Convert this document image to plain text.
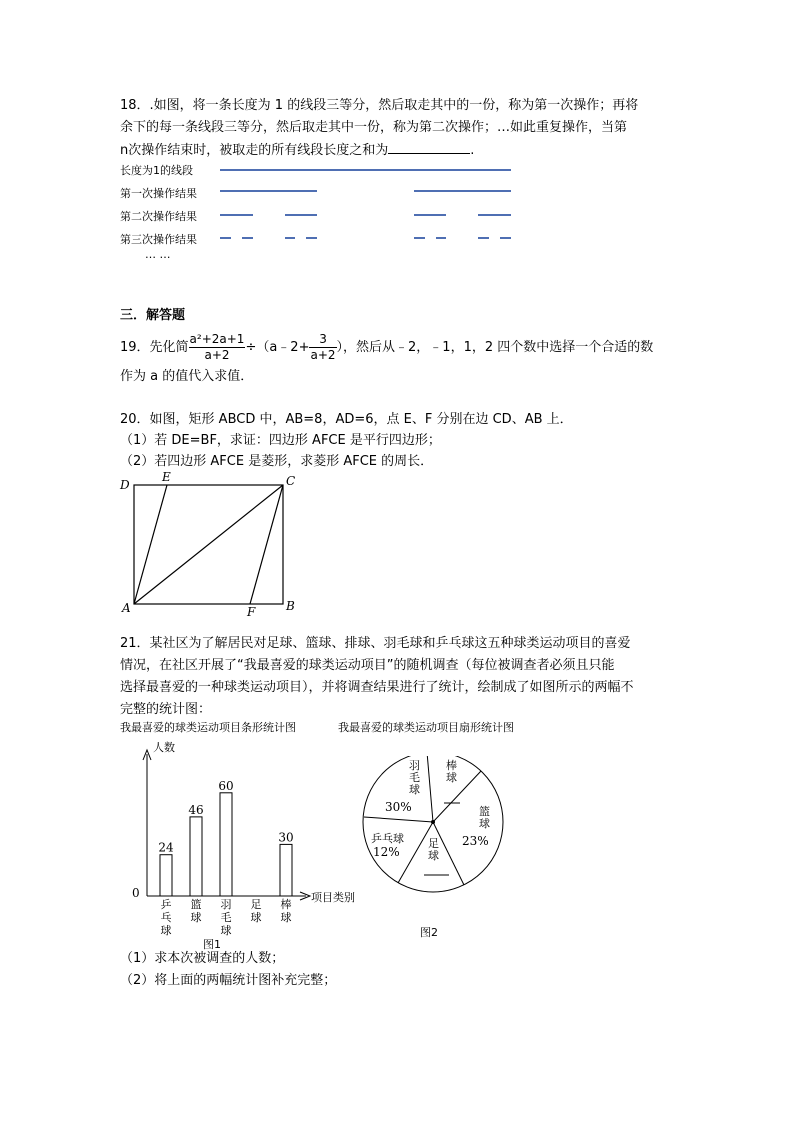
18．.如图，将一条长度为 1 的线段三等分，然后取走其中的一份，称为第一次操作；再将
余下的每一条线段三等分，然后取走其中一份，称为第二次操作；…如此重复操作，当第
n次操作结束时，被取走的所有线段长度之和为	.
长度为1的线段
第一次操作结果
第二次操作结果
第三次操作结果
… …
三．解答题
19．先化简 $\frac{\text{a²+2a+1}}{a+2}$ ÷（a﹣2+ $\frac{3}{a+2}$ ），然后从﹣2，﹣1，1，2 四个数中选择一个合适的数
作为 a 的值代入求值．
20．如图，矩形 ABCD 中，AB=8，AD=6，点 E、F 分别在边 CD、AB 上．
（1）若 DE=BF，求证：四边形 AFCE 是平行四边形；
（2）若四边形 AFCE 是菱形，求菱形 AFCE 的周长．
D
E	C
A	F	B
21．某社区为了解居民对足球、篮球、排球、羽毛球和乒乓球这五种球类运动项目的喜爱
情况，在社区开展了“我最喜爱的球类运动项目”的随机调查（每位被调查者必须且只能
选择最喜爱的一种球类运动项目），并将调查结果进行了统计，绘制成了如图所示的两幅不
完整的统计图：
我最喜爱的球类运动项目条形统计图	我最喜爱的球类运动项目扇形统计图
人数
项目类别
0
24
乒乓球
46
篮球
60
羽毛球
足球
30
棒球
图1
羽
毛
球
棒
球
篮
球
足
球
乒乓球
30%
23%
12%
图2
（1）求本次被调查的人数；
（2）将上面的两幅统计图补充完整；
